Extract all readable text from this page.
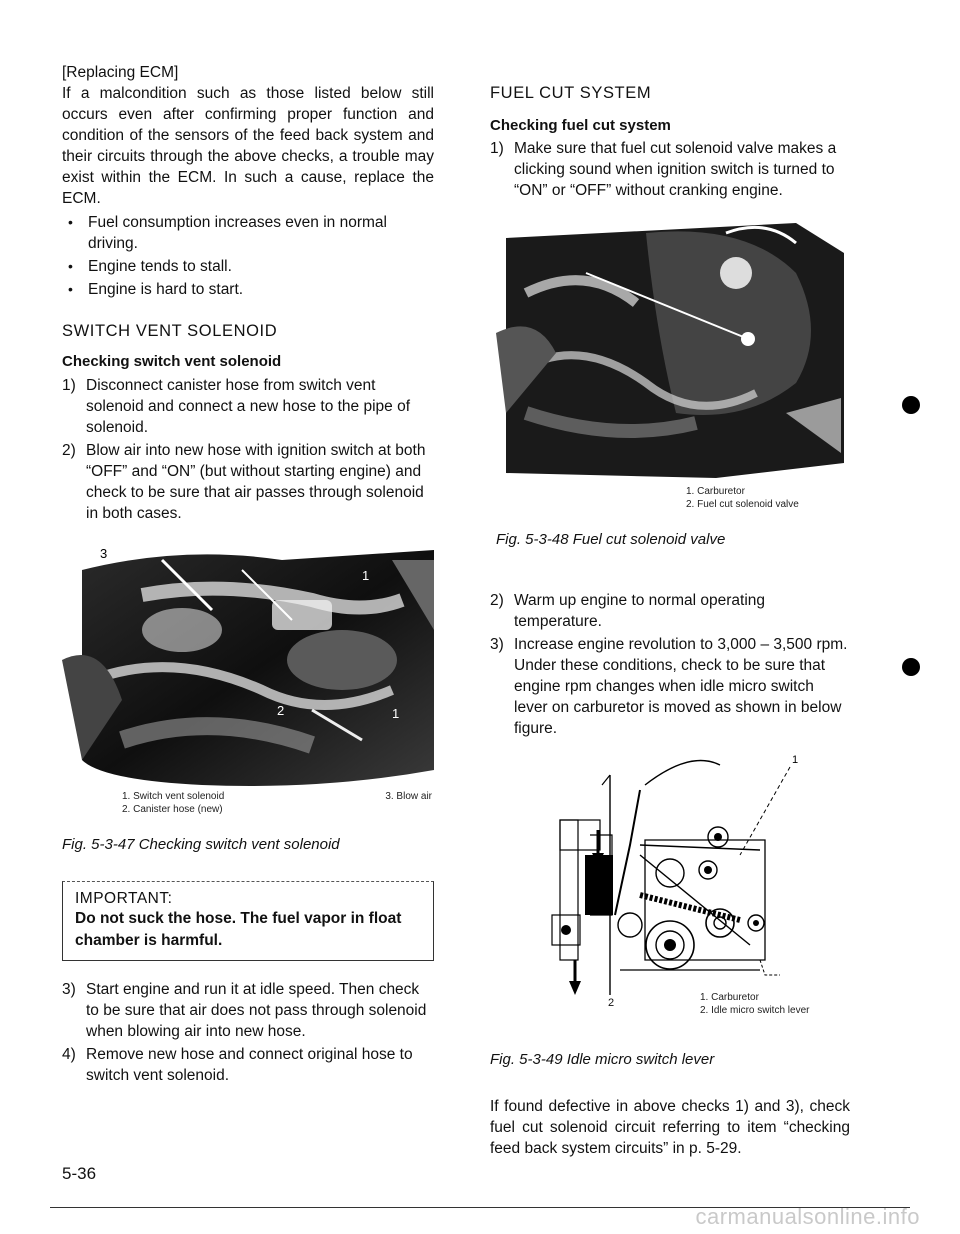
[Replacing ECM]

If a malcondition such as those listed below still occurs even after confirming proper function and condition of the sensors of the feed back system and their circuits through the above checks, a trouble may exist within the ECM. In such a cause, replace the ECM.

• Fuel consumption increases even in normal driving.
• Engine tends to stall.
• Engine is hard to start.
SWITCH VENT SOLENOID
Checking switch vent solenoid
1) Disconnect canister hose from switch vent solenoid and connect a new hose to the pipe of solenoid.
2) Blow air into new hose with ignition switch at both “OFF” and “ON” (but without starting engine) and check to be sure that air passes through solenoid in both cases.
3
1
2	1
1. Switch vent solenoid
2. Canister hose (new)
3. Blow air

Fig. 5-3-47 Checking switch vent solenoid

IMPORTANT:
Do not suck the hose. The fuel vapor in float chamber is harmful.
3) Start engine and run it at idle speed. Then check to be sure that air does not pass through solenoid when blowing air into new hose.
4) Remove new hose and connect original hose to switch vent solenoid.
FUEL CUT SYSTEM
Checking fuel cut system
1) Make sure that fuel cut solenoid valve makes a clicking sound when ignition switch is turned to “ON” or “OFF” without cranking engine.
1. Carburetor
2. Fuel cut solenoid valve

Fig. 5-3-48 Fuel cut solenoid valve

2) Warm up engine to normal operating temperature.
3) Increase engine revolution to 3,000 – 3,500 rpm. Under these conditions, check to be sure that engine rpm changes when idle micro switch lever on carburetor is moved as shown in below figure.
1
2	1. Carburetor
2. Idle micro switch lever

Fig. 5-3-49 Idle micro switch lever

If found defective in above checks 1) and 3), check fuel cut solenoid circuit referring to item “checking feed back system circuits” in p. 5-29.

5-36
carmanualsonline.info
